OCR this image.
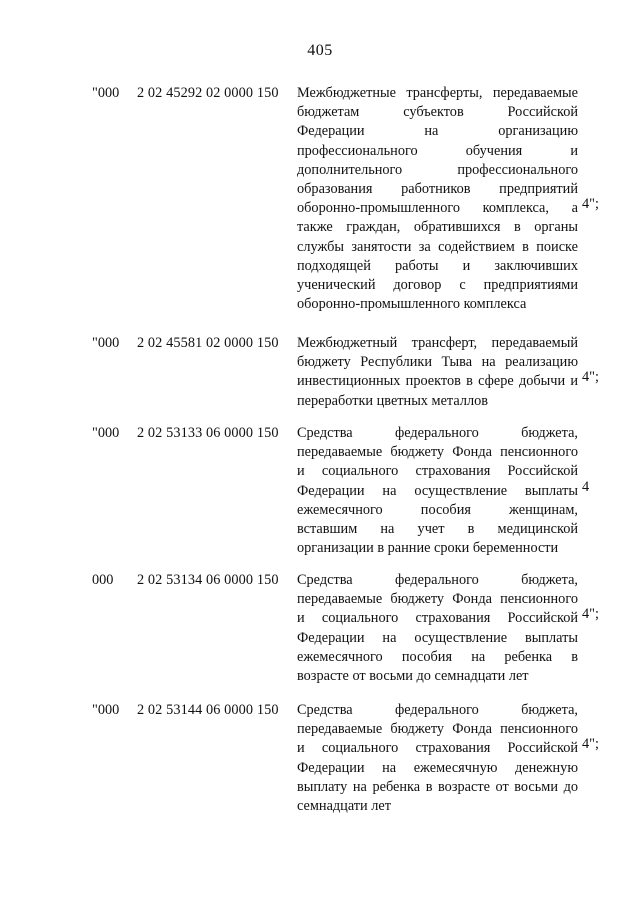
405
"000 2 02 45292 02 0000 150 Межбюджетные трансферты, передаваемые
бюджетам субъектов Российской
Федерации на организацию
профессионального обучения и
дополнительного профессионального
образования работников предприятий
оборонно-промышленного комплекса, а
также граждан, обратившихся в органы
службы занятости за содействием в поиске
подходящей работы и заключивших
ученический договор с предприятиями
оборонно-промышленного комплекса
4";
"000 2 02 45581 02 0000 150 Межбюджетный трансферт, передаваемый
бюджету Республики Тыва на реализацию
инвестиционных проектов в сфере добычи и
переработки цветных металлов
4";
"000 2 02 53133 06 0000 150 Средства федерального бюджета,
передаваемые бюджету Фонда пенсионного
и социального страхования Российской
Федерации на осуществление выплаты
ежемесячного пособия женщинам,
вставшим на учет в медицинской
организации в ранние сроки беременности
4
000 2 02 53134 06 0000 150 Средства федерального бюджета,
передаваемые бюджету Фонда пенсионного
и социального страхования Российской
Федерации на осуществление выплаты
ежемесячного пособия на ребенка в
возрасте от восьми до семнадцати лет
4";
"000 2 02 53144 06 0000 150 Средства федерального бюджета,
передаваемые бюджету Фонда пенсионного
и социального страхования Российской
Федерации на ежемесячную денежную
выплату на ребенка в возрасте от восьми до
семнадцати лет
4";
